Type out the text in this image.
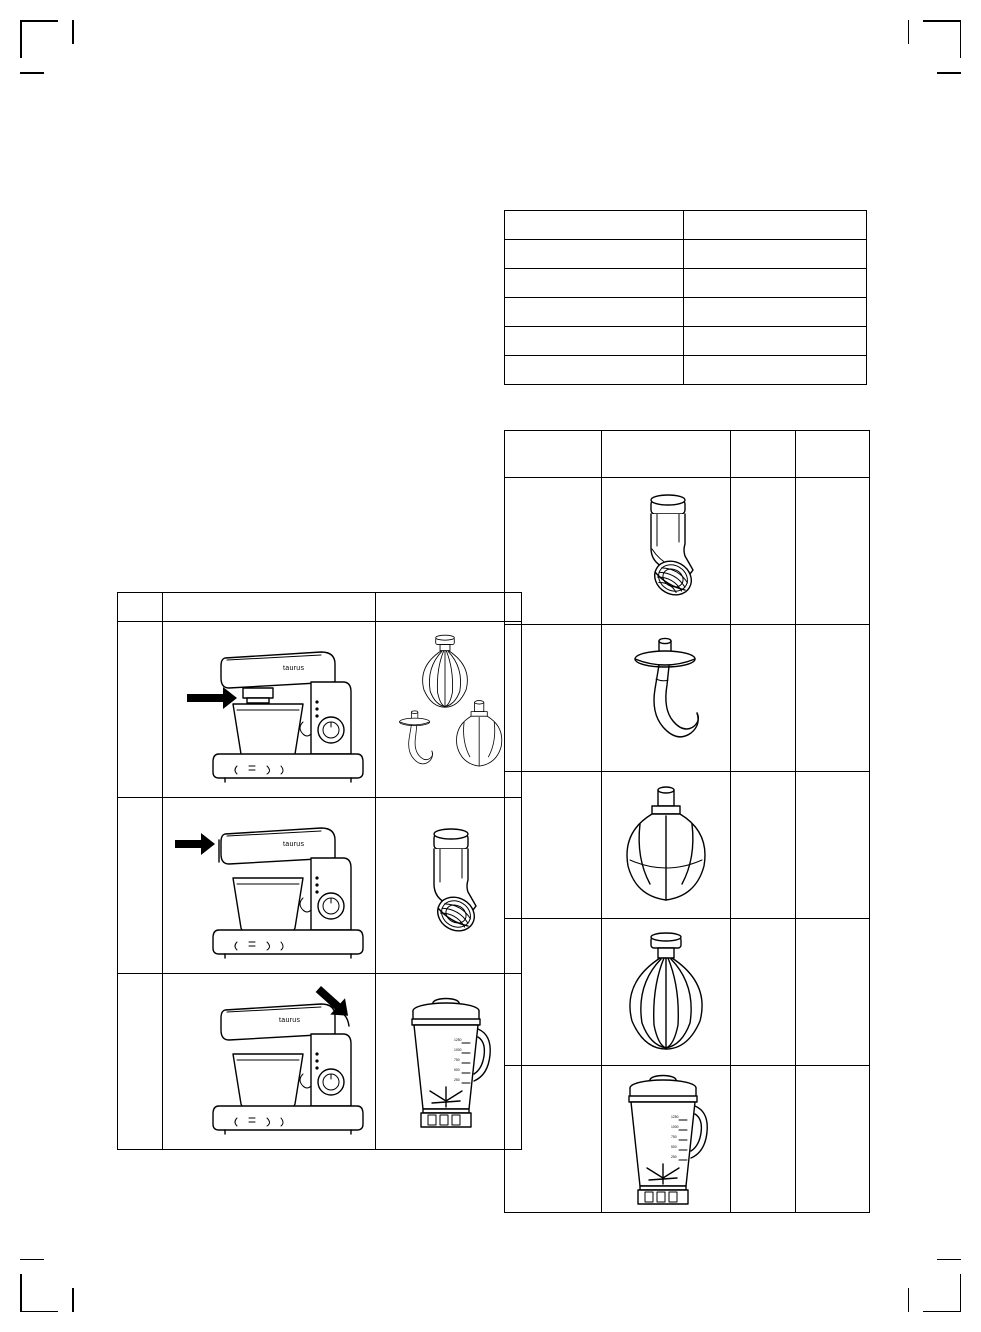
1250
1000
750
500
250		

taurus

taurus

taurus	1250
1000
750
500
250
